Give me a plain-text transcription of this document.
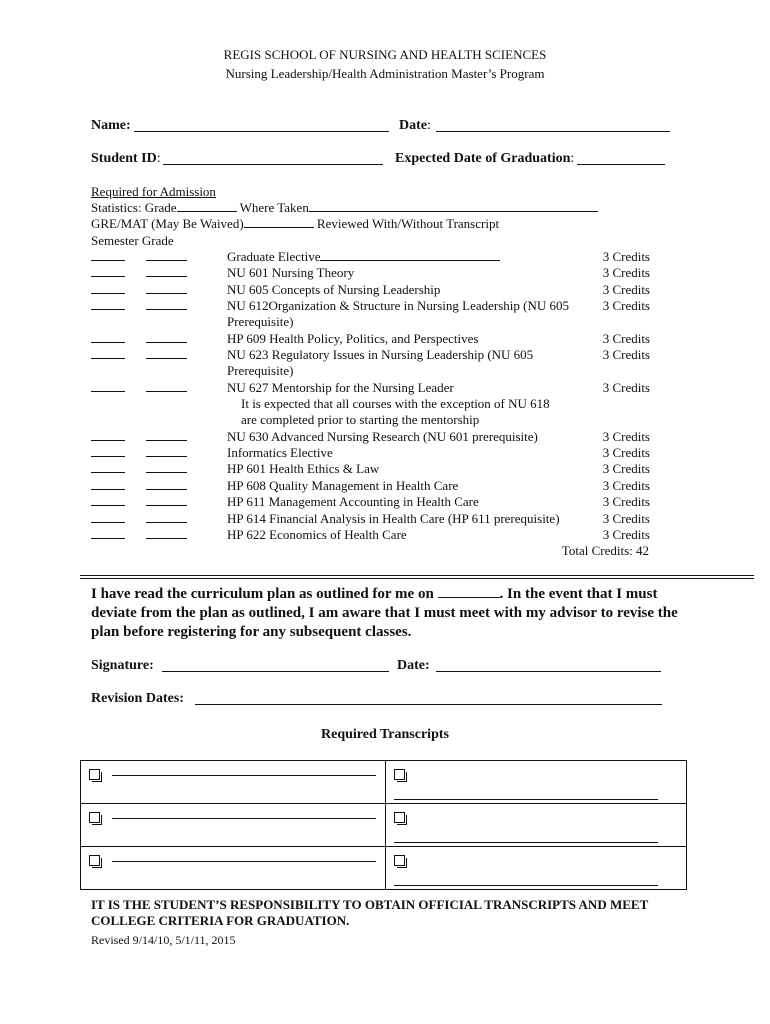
REGIS SCHOOL OF NURSING AND HEALTH SCIENCES
Nursing Leadership/Health Administration Master’s Program
Name:	Date:
Student ID:	Expected Date of Graduation:
Required for Admission
Statistics: Grade	Where Taken
GRE/MAT (May Be Waived)	Reviewed With/Without Transcript
Semester Grade
Graduate Elective	3 Credits
NU 601 Nursing Theory	3 Credits
NU 605 Concepts of Nursing Leadership	3 Credits
NU 612Organization & Structure in Nursing Leadership (NU 605	3 Credits
Prerequisite)
HP 609 Health Policy, Politics, and Perspectives	3 Credits
NU 623 Regulatory Issues in Nursing Leadership (NU 605	3 Credits
Prerequisite)
NU 627 Mentorship for the Nursing Leader	3 Credits
It is expected that all courses with the exception of NU 618
are completed prior to starting the mentorship
NU 630 Advanced Nursing Research (NU 601 prerequisite)	3 Credits
Informatics Elective	3 Credits
HP 601 Health Ethics & Law	3 Credits
HP 608 Quality Management in Health Care	3 Credits
HP 611 Management Accounting in Health Care	3 Credits
HP 614 Financial Analysis in Health Care (HP 611 prerequisite)	3 Credits
HP 622 Economics of Health Care	3 Credits
Total Credits: 42
I have read the curriculum plan as outlined for me on	. In the event that I must deviate from the plan as outlined, I am aware that I must meet with my advisor to revise the plan before registering for any subsequent classes.
Signature:	Date:
Revision Dates:
Required Transcripts

IT IS THE STUDENT’S RESPONSIBILITY TO OBTAIN OFFICIAL TRANSCRIPTS AND MEET COLLEGE CRITERIA FOR GRADUATION.
Revised 9/14/10, 5/1/11, 2015
